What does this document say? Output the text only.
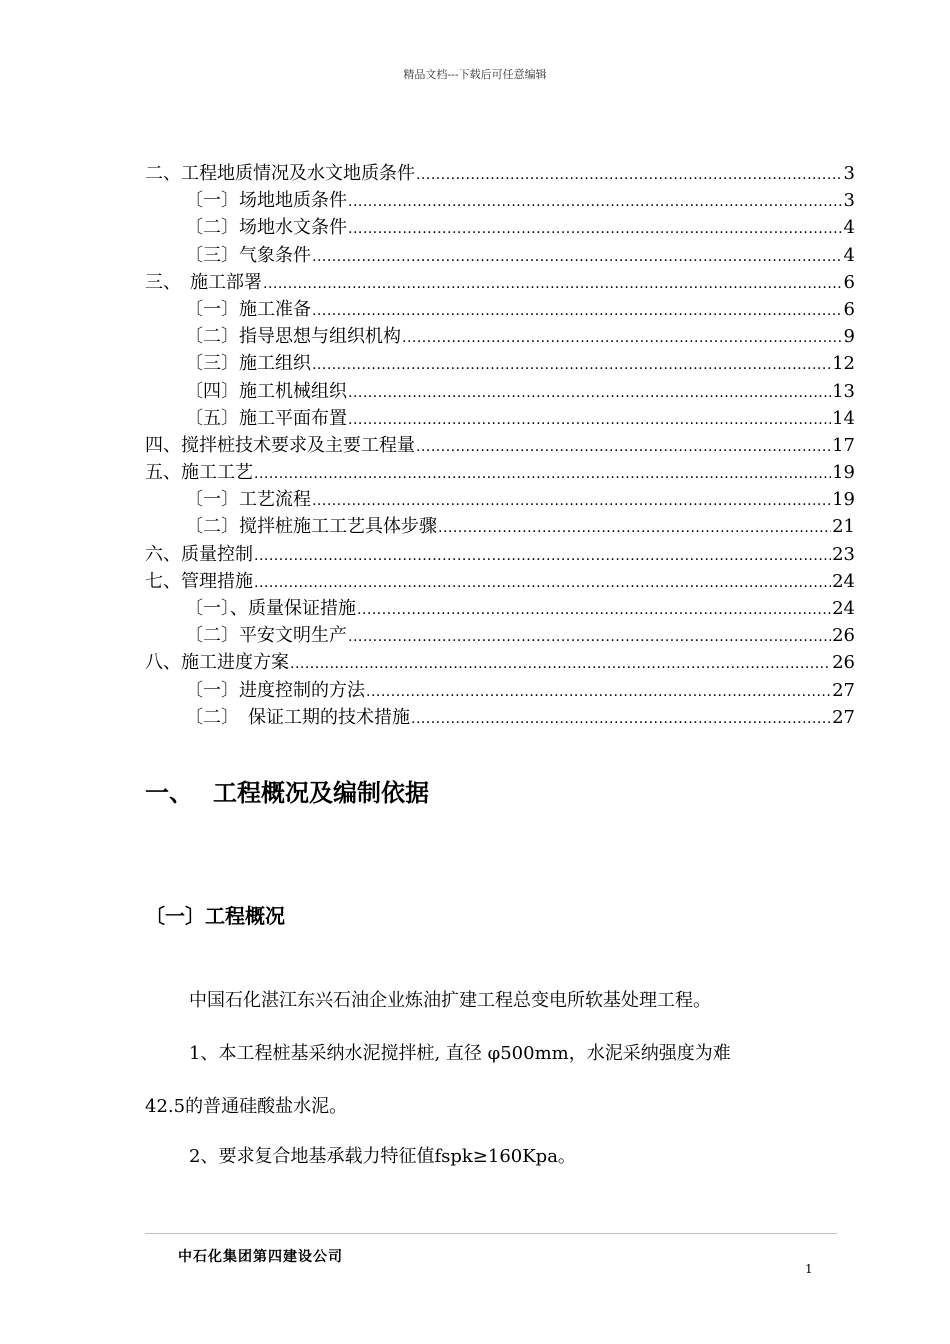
精品文档---下载后可任意编辑
二、工程地质情况及水文地质条件 .....	3
〔一〕场地地质条件 .....	3
〔二〕场地水文条件 .....	4
〔三〕气象条件 .....	4
三、　施工部署 .....	6
〔一〕施工准备 .....	6
〔二〕指导思想与组织机构 .....	9
〔三〕施工组织 .....	12
〔四〕施工机械组织 .....	13
〔五〕施工平面布置 .....	14
四、搅拌桩技术要求及主要工程量 .....	17
五、施工工艺 .....	19
〔一〕工艺流程 .....	19
〔二〕搅拌桩施工工艺具体步骤 .....	21
六、质量控制 .....	23
七、管理措施 .....	24
〔一〕、质量保证措施 .....	24
〔二〕平安文明生产 .....	26
八、施工进度方案 .....	26
〔一〕进度控制的方法 .....	27
〔二〕　保证工期的技术措施 .....	27
一、 工程概况及编制依据
〔一〕工程概况
中国石化湛江东兴石油企业炼油扩建工程总变电所软基处理工程。
1、本工程桩基采纳水泥搅拌桩, 直径 φ500mm，水泥采纳强度为难
42.5的普通硅酸盐水泥。
2、要求复合地基承载力特征值fspk≥160Kpa。
中石化集团第四建设公司
1
